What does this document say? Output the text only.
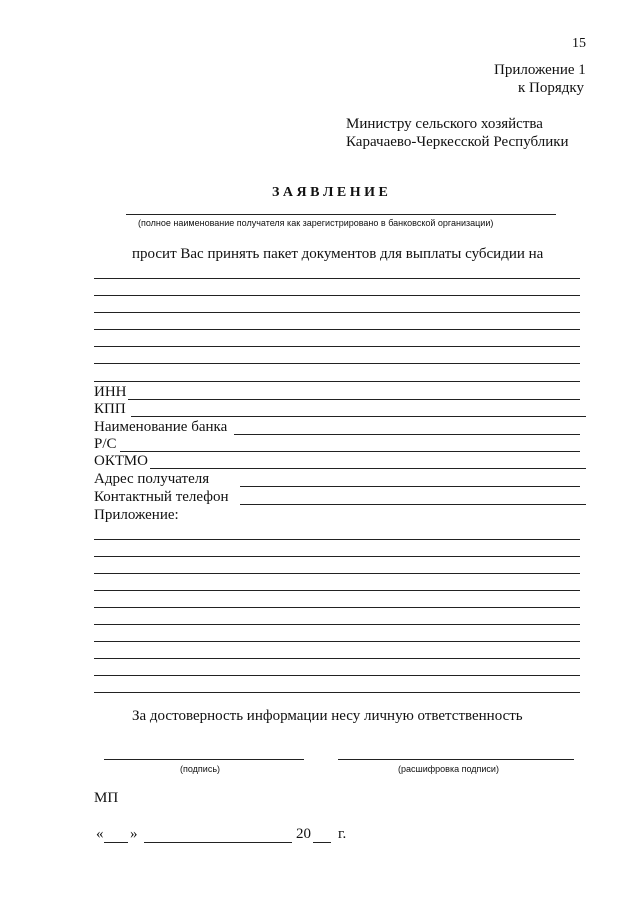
15
Приложение 1
к Порядку
Министру сельского хозяйства
Карачаево-Черкесской Республики
З А Я В Л Е Н И Е
(полное наименование получателя как зарегистрировано в банковской организации)
просит Вас принять пакет документов для выплаты субсидии на
ИНН
КПП
Наименование банка
Р/С
ОКТМО
Адрес получателя
Контактный телефон
Приложение:
За достоверность информации несу личную ответственность
(подпись)	(расшифровка подписи)
МП
« »	20 г.
